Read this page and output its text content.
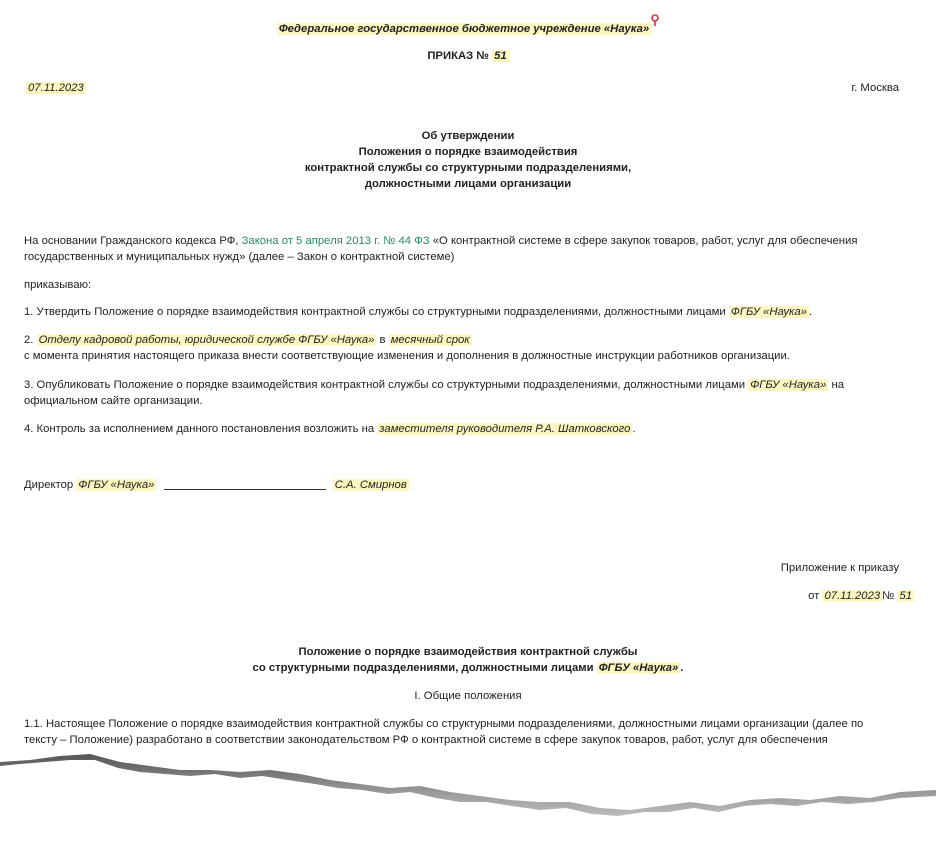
Федеральное государственное бюджетное учреждение «Наука»
ПРИКАЗ № 51
07.11.2023	г. Москва

Об утверждении

Положения о порядке взаимодействия

контрактной службы со структурными подразделениями,

должностными лицами организации

На основании Гражданского кодекса РФ, Закона от 5 апреля 2013 г. № 44 ФЗ «О контрактной системе в сфере закупок товаров, работ, услуг для обеспечения

государственных и муниципальных нужд» (далее – Закон о контрактной системе)

приказываю:

1. Утвердить Положение о порядке взаимодействия контрактной службы со структурными подразделениями, должностными лицами ФГБУ «Наука» .

2. Отделу кадровой работы, юридической службе ФГБУ «Наука» в месячный срок

с момента принятия настоящего приказа внести соответствующие изменения и дополнения в должностные инструкции работников организации.

3. Опубликовать Положение о порядке взаимодействия контрактной службы со структурными подразделениями, должностными лицами ФГБУ «Наука» на

официальном сайте организации.

4. Контроль за исполнением данного постановления возложить на заместителя руководителя Р.А. Шатковского .

Директор ФГБУ «Наука»	С.А. Смирнов

Приложение к приказу

от 07.11.2023 № 51

Положение о порядке взаимодействия контрактной службы

со структурными подразделениями, должностными лицами ФГБУ «Наука» .

I. Общие положения

1.1. Настоящее Положение о порядке взаимодействия контрактной службы со структурными подразделениями, должностными лицами организации (далее по

тексту – Положение) разработано в соответствии законодательством РФ о контрактной системе в сфере закупок товаров, работ, услуг для обеспечения
